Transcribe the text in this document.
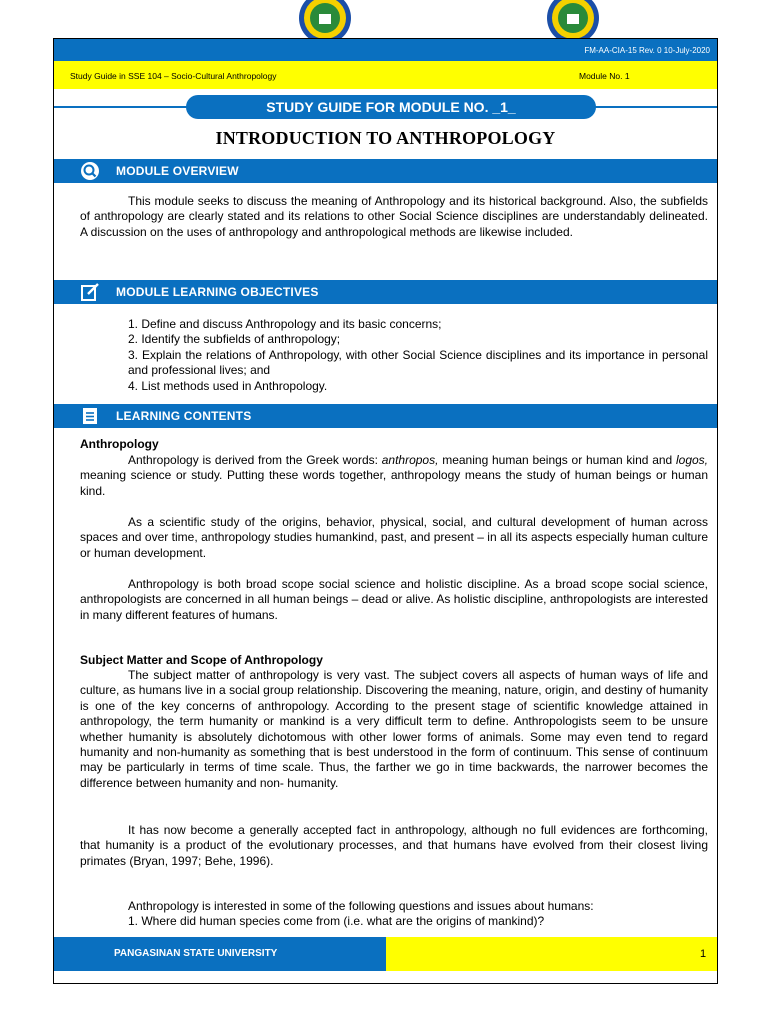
FM-AA-CIA-15 Rev. 0 10-July-2020
Study Guide in SSE 104 – Socio-Cultural Anthropology	Module No. 1
STUDY GUIDE FOR MODULE NO. _1_
INTRODUCTION TO ANTHROPOLOGY
MODULE OVERVIEW
This module seeks to discuss the meaning of Anthropology and its historical background. Also, the subfields of anthropology are clearly stated and its relations to other Social Science disciplines are understandably delineated. A discussion on the uses of anthropology and anthropological methods are likewise included.
MODULE LEARNING OBJECTIVES
1. Define and discuss Anthropology and its basic concerns;
2. Identify the subfields of anthropology;
3. Explain the relations of Anthropology, with other Social Science disciplines and its importance in personal and professional lives; and
4. List methods used in Anthropology.
LEARNING CONTENTS
Anthropology
Anthropology is derived from the Greek words: anthropos, meaning human beings or human kind and logos, meaning science or study. Putting these words together, anthropology means the study of human beings or human kind.
As a scientific study of the origins, behavior, physical, social, and cultural development of human across spaces and over time, anthropology studies humankind, past, and present – in all its aspects especially human culture or human development.
Anthropology is both broad scope social science and holistic discipline. As a broad scope social science, anthropologists are concerned in all human beings – dead or alive. As holistic discipline, anthropologists are interested in many different features of humans.
Subject Matter and Scope of Anthropology
The subject matter of anthropology is very vast. The subject covers all aspects of human ways of life and culture, as humans live in a social group relationship. Discovering the meaning, nature, origin, and destiny of humanity is one of the key concerns of anthropology. According to the present stage of scientific knowledge attained in anthropology, the term humanity or mankind is a very difficult term to define. Anthropologists seem to be unsure whether humanity is absolutely dichotomous with other lower forms of animals. Some may even tend to regard humanity and non-humanity as something that is best understood in the form of continuum. This sense of continuum may be particularly in terms of time scale. Thus, the farther we go in time backwards, the narrower becomes the difference between humanity and non- humanity.
It has now become a generally accepted fact in anthropology, although no full evidences are forthcoming, that humanity is a product of the evolutionary processes, and that humans have evolved from their closest living primates (Bryan, 1997; Behe, 1996).
Anthropology is interested in some of the following questions and issues about humans:
1. Where did human species come from (i.e. what are the origins of mankind)?
PANGASINAN STATE UNIVERSITY	1
